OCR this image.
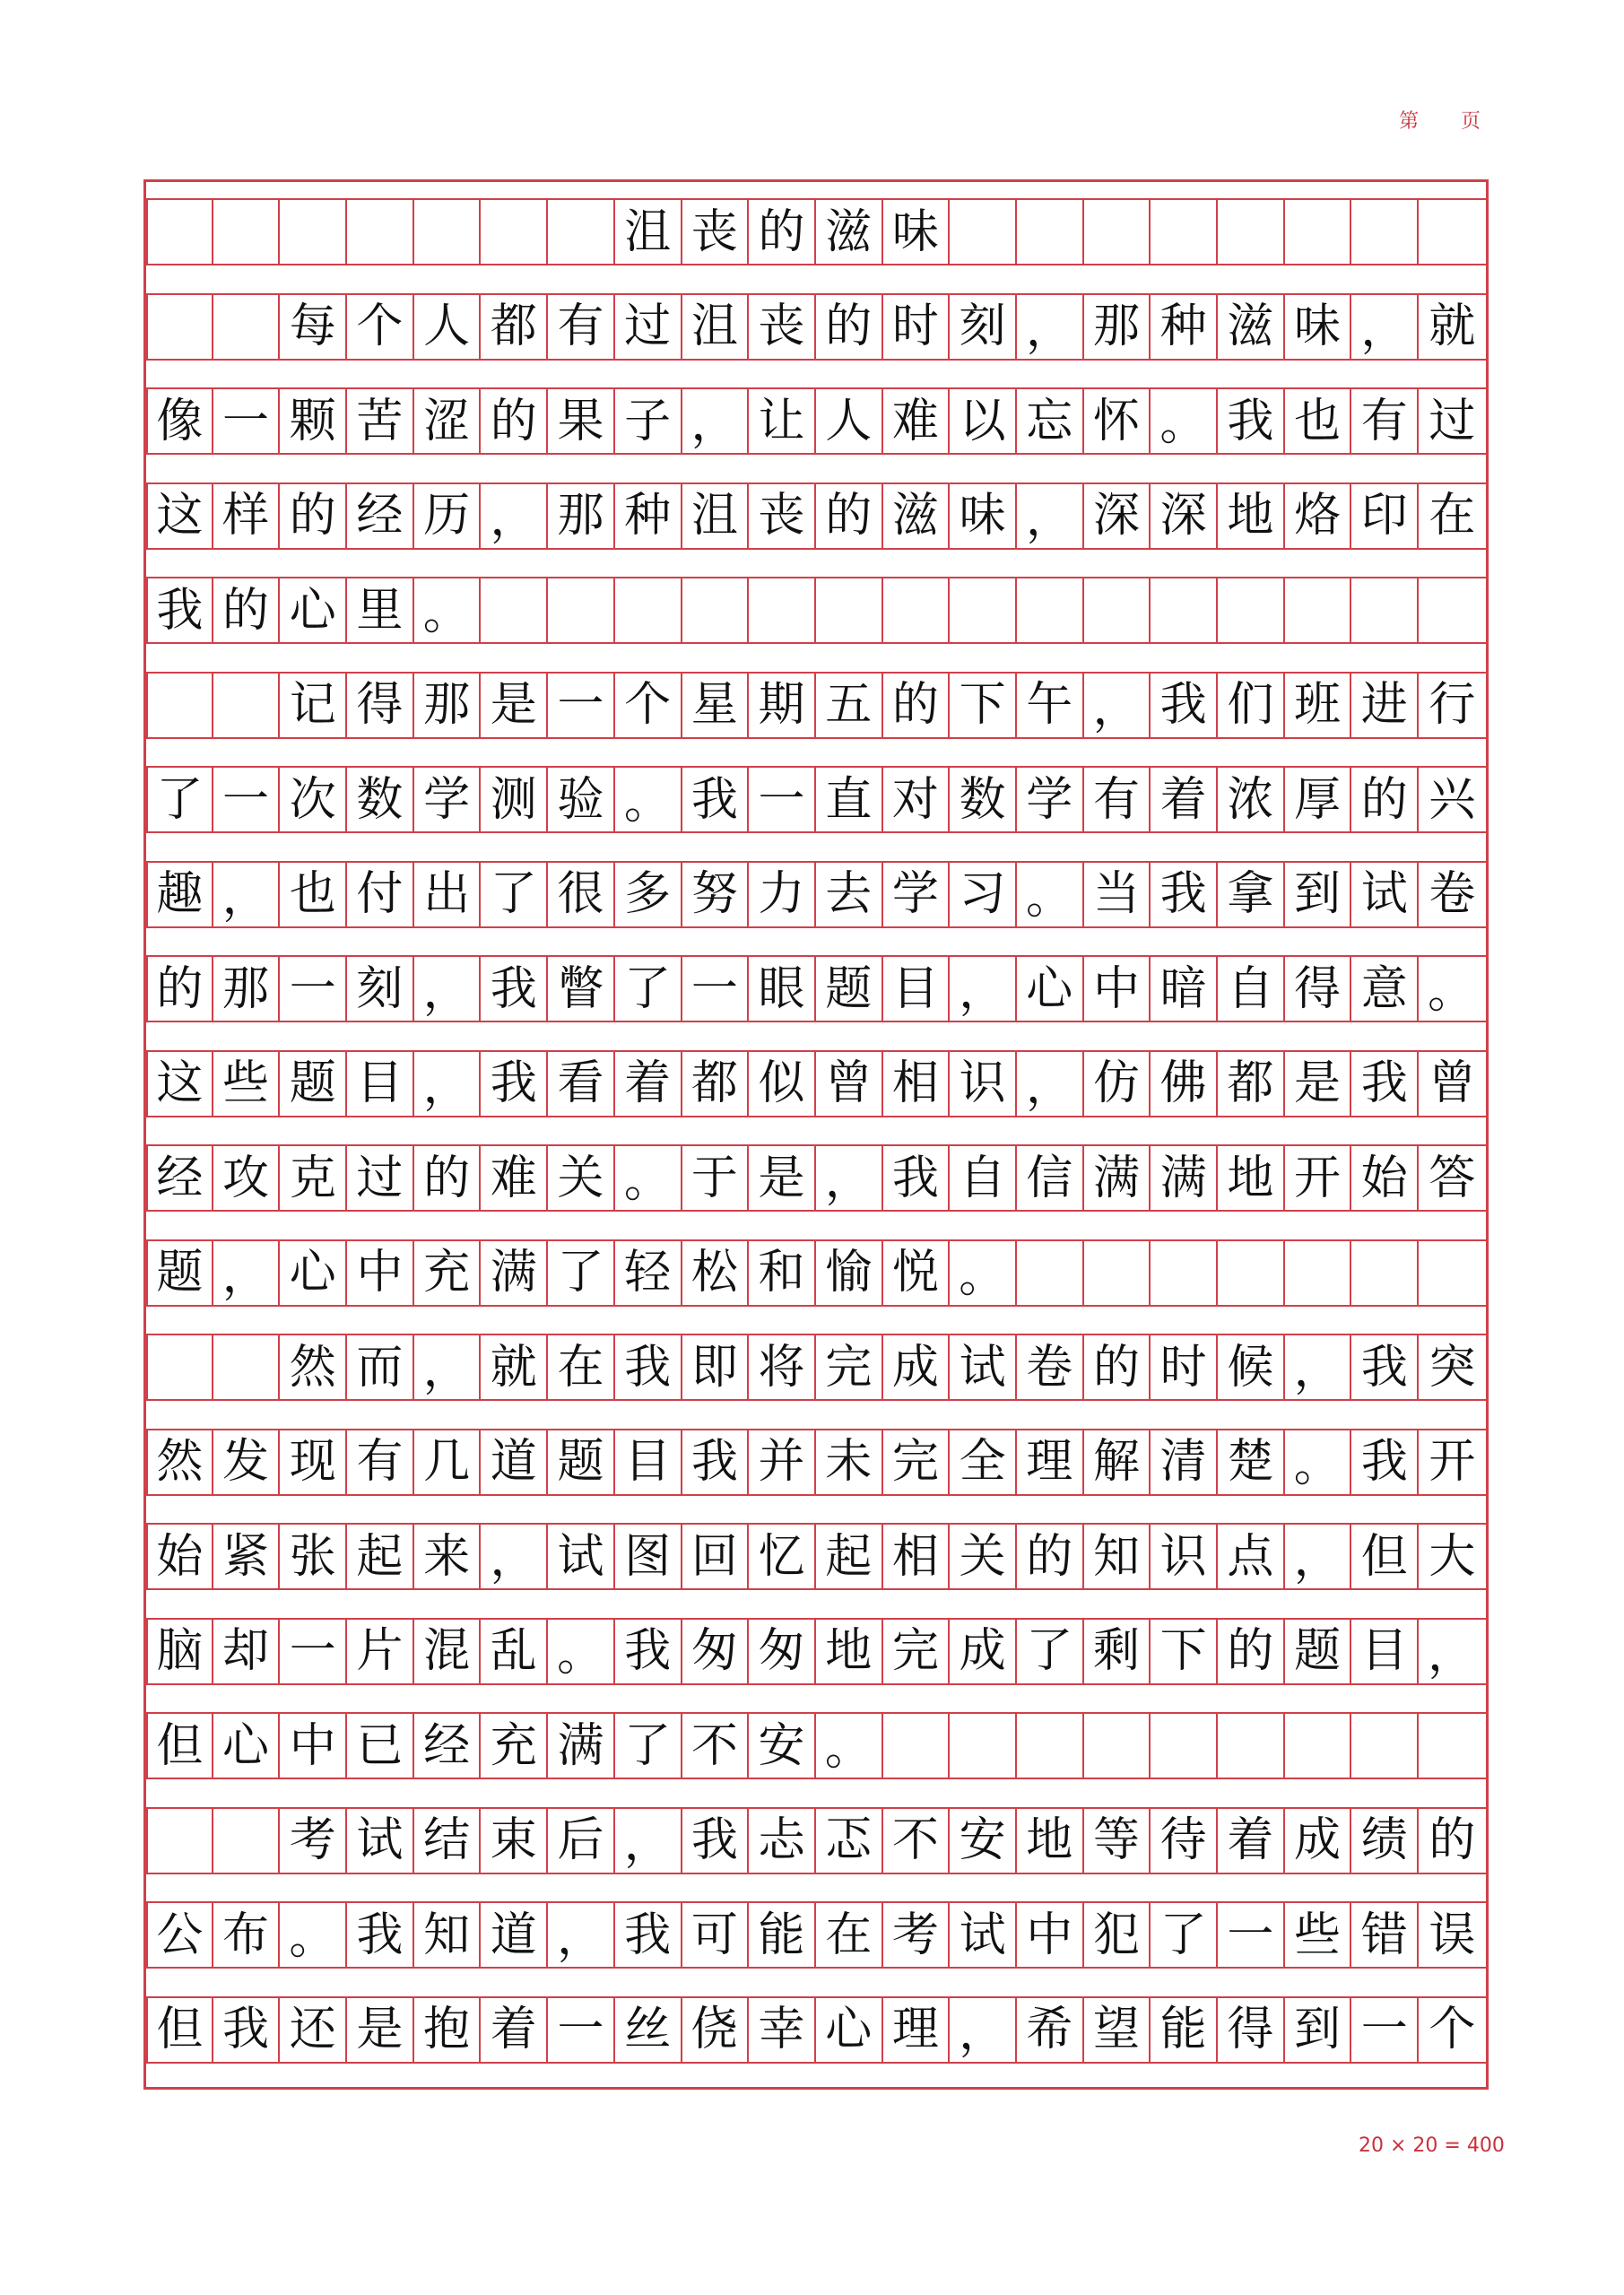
第 页
沮 丧 的 滋 味
每 个 人 都 有 过 沮 丧 的 时 刻 ， 那 种 滋 味 ， 就
像 一 颗 苦 涩 的 果 子 ， 让 人 难 以 忘 怀 。 我 也 有 过
这 样 的 经 历 ， 那 种 沮 丧 的 滋 味 ， 深 深 地 烙 印 在
我 的 心 里 。
记 得 那 是 一 个 星 期 五 的 下 午 ， 我 们 班 进 行
了 一 次 数 学 测 验 。 我 一 直 对 数 学 有 着 浓 厚 的 兴
趣 ， 也 付 出 了 很 多 努 力 去 学 习 。 当 我 拿 到 试 卷
的 那 一 刻 ， 我 瞥 了 一 眼 题 目 ， 心 中 暗 自 得 意 。
这 些 题 目 ， 我 看 着 都 似 曾 相 识 ， 仿 佛 都 是 我 曾
经 攻 克 过 的 难 关 。 于 是 ， 我 自 信 满 满 地 开 始 答
题 ， 心 中 充 满 了 轻 松 和 愉 悦 。
然 而 ， 就 在 我 即 将 完 成 试 卷 的 时 候 ， 我 突
然 发 现 有 几 道 题 目 我 并 未 完 全 理 解 清 楚 。 我 开
始 紧 张 起 来 ， 试 图 回 忆 起 相 关 的 知 识 点 ， 但 大
脑 却 一 片 混 乱 。 我 匆 匆 地 完 成 了 剩 下 的 题 目 ，
但 心 中 已 经 充 满 了 不 安 。
考 试 结 束 后 ， 我 忐 忑 不 安 地 等 待 着 成 绩 的
公 布 。 我 知 道 ， 我 可 能 在 考 试 中 犯 了 一 些 错 误
但 我 还 是 抱 着 一 丝 侥 幸 心 理 ， 希 望 能 得 到 一 个
20 × 20 = 400
